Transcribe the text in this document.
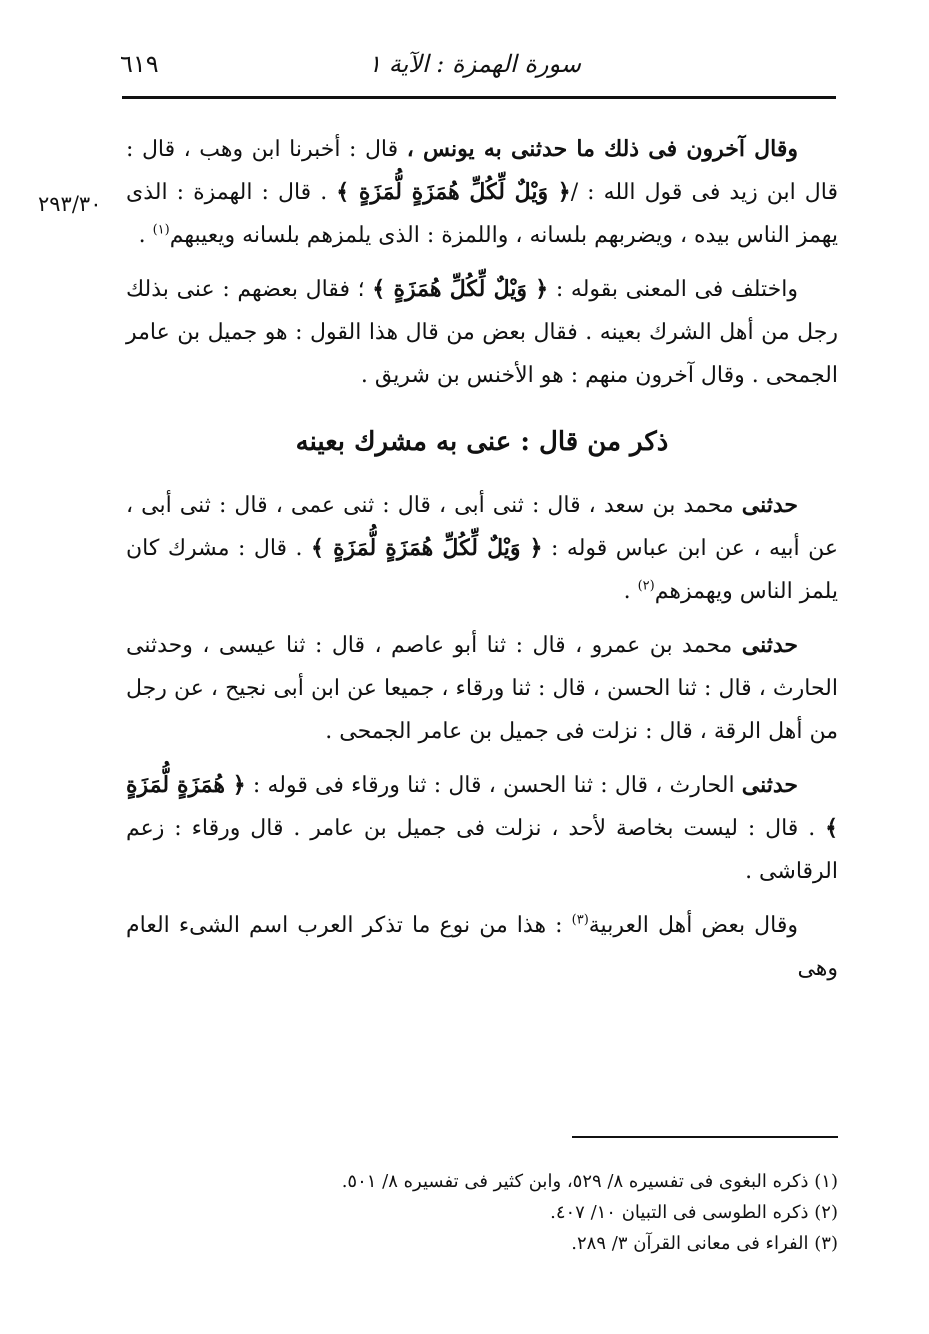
سورة الهمزة : الآية ١
٦١٩
٢٩٣/٣٠

وقال آخرون فى ذلك ما حدثنى به يونس ، قال : أخبرنا ابن وهب ، قال : قال ابن زيد فى قول الله : /﴿ وَيْلٌ لِّكُلِّ هُمَزَةٍ لُّمَزَةٍ ﴾ . قال : الهمزة : الذى يهمز الناس بيده ، ويضربهم بلسانه ، واللمزة : الذى يلمزهم بلسانه ويعيبهم$^{(١)}$ .

واختلف فى المعنى بقوله : ﴿ وَيْلٌ لِّكُلِّ هُمَزَةٍ ﴾ ؛ فقال بعضهم : عنى بذلك رجل من أهل الشرك بعينه . فقال بعض من قال هذا القول : هو جميل بن عامر الجمحى . وقال آخرون منهم : هو الأخنس بن شريق .

ذكر من قال : عنى به مشرك بعينه

حدثنى محمد بن سعد ، قال : ثنى أبى ، قال : ثنى عمى ، قال : ثنى أبى ، عن أبيه ، عن ابن عباس قوله : ﴿ وَيْلٌ لِّكُلِّ هُمَزَةٍ لُّمَزَةٍ ﴾ . قال : مشرك كان يلمز الناس ويهمزهم$^{(٢)}$ .

حدثنى محمد بن عمرو ، قال : ثنا أبو عاصم ، قال : ثنا عيسى ، وحدثنى الحارث ، قال : ثنا الحسن ، قال : ثنا ورقاء ، جميعا عن ابن أبى نجيح ، عن رجل من أهل الرقة ، قال : نزلت فى جميل بن عامر الجمحى .

حدثنى الحارث ، قال : ثنا الحسن ، قال : ثنا ورقاء فى قوله : ﴿ هُمَزَةٍ لُّمَزَةٍ ﴾ . قال : ليست بخاصة لأحد ، نزلت فى جميل بن عامر . قال ورقاء : زعم الرقاشى .

وقال بعض أهل العربية$^{(٣)}$ : هذا من نوع ما تذكر العرب اسم الشىء العام وهى

(١) ذكره البغوى فى تفسيره ٨/ ٥٢٩، وابن كثير فى تفسيره ٨/ ٥٠١.

(٢) ذكره الطوسى فى التبيان ١٠/ ٤٠٧.

(٣) الفراء فى معانى القرآن ٣/ ٢٨٩.
